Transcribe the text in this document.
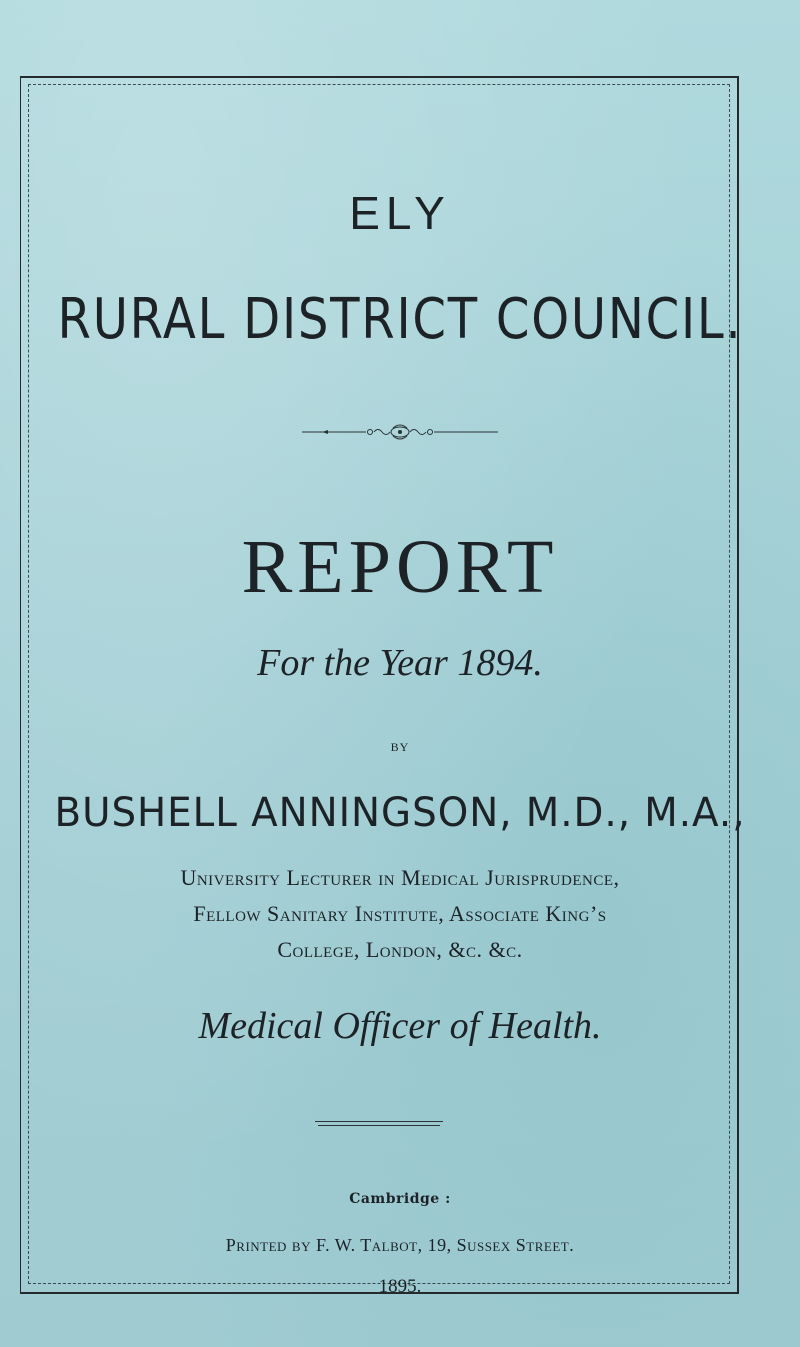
ELY
RURAL DISTRICT COUNCIL.
REPORT
For the Year 1894.
BY
BUSHELL ANNINGSON, M.D., M.A.,
University Lecturer in Medical Jurisprudence,
Fellow Sanitary Institute, Associate King’s
College, London, &c. &c.
Medical Officer of Health.
Cambridge :
Printed by F. W. Talbot, 19, Sussex Street.
1895.
